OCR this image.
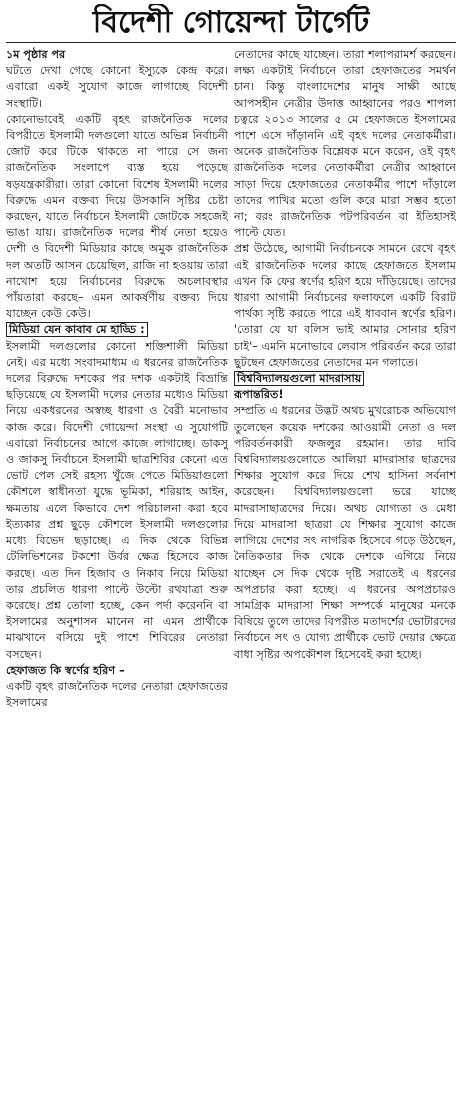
বিদেশী গোয়েন্দা টার্গেট

১ম পৃষ্ঠার পর

ঘটতে দেখা গেছে কোনো ইস্যুকে কেন্দ্র করে। এবারো একই সুযোগ কাজে লাগাচ্ছে বিদেশী সংস্থাটি।

কোনোভাবেই একটি বৃহৎ রাজনৈতিক দলের বিপরীতে ইসলামী দলগুলো যাতে অভিন্ন নির্বাচনী জোট করে টিকে থাকতে না পারে সে জন্য রাজনৈতিক সংলাপে ব্যস্ত হয়ে পড়েছে ষড়যন্ত্রকারীরা। তারা কোনো বিশেষ ইসলামী দলের বিরুদ্ধে এমন বক্তব্য দিয়ে উসকানি সৃষ্টির চেষ্টা করছেন, যাতে নির্বাচনে ইসলামী জোটকে সহজেই ভাঙা যায়। রাজনৈতিক দলের শীর্ষ নেতা হয়েও দেশী ও বিদেশী মিডিয়ার কাছে অমুক রাজনৈতিক দল অতটি আসন চেয়েছিল, রাজি না হওয়ায় তারা নাখোশ হয়ে নির্বাচনের বিরুদ্ধে অচলাবস্থার পাঁয়তারা করছে– এমন আকর্ষণীয় বক্তব্য দিয়ে যাচ্ছেন কেউ কেউ।

মিডিয়া যেন কাবাব মে হাড্ডি :

ইসলামী দলগুলোর কোনো শক্তিশালী মিডিয়া নেই। এর মধ্যে সংবাদমাধ্যম এ ধরনের রাজনৈতিক দলের বিরুদ্ধে দশকের পর দশক একটাই বিভ্রান্তি ছড়িয়েছে যে ইসলামী দলের নেতার মধ্যেও মিডিয়া নিয়ে একধরনের অস্বচ্ছ ধারণা ও বৈরী মনোভাব কাজ করে। বিদেশী গোয়েন্দা সংস্থা এ সুযোগটি এবারো নির্বাচনের আগে কাজে লাগাচ্ছে। ডাকসু ও জাকসু নির্বাচনে ইসলামী ছাত্রশিবির কেনো এত ভোট পেল সেই রহস্য খুঁজে পেতে মিডিয়াগুলো কৌশলে স্বাধীনতা যুদ্ধে ভূমিকা, শরিয়াহ আইন, ক্ষমতায় এলে কিভাবে দেশ পরিচালনা করা হবে ইত্যকার প্রশ্ন ছুড়ে কৌশলে ইসলামী দলগুলোর মধ্যে বিভেদ ছড়াচ্ছে। এ দিক থেকে বিভিন্ন টেলিভিশনের টকশো উর্বর ক্ষেত্র হিসেবে কাজ করছে। এত দিন হিজাব ও নিকাব নিয়ে মিডিয়া তার প্রচলিত ধারণা পাল্টে উল্টো রথযাত্রা শুরু করেছে। প্রশ্ন তোলা হচ্ছে, কেন পর্দা করেননি বা ইসলামের অনুশাসন মানেন না এমন প্রার্থীকে মাঝখানে বসিয়ে দুই পাশে শিবিরের নেতারা বসছেন।

হেফাজত কি স্বর্ণের হরিণ –

একটি বৃহৎ রাজনৈতিক দলের নেতারা হেফাজতের ইসলামের

নেতাদের কাছে যাচ্ছেন। তারা শলাপরামর্শ করছেন। লক্ষ্য একটাই নির্বাচনে তারা হেফাজতের সমর্থন চান। কিন্তু বাংলাদেশের মানুষ সাক্ষী আছে আপসহীন নেত্রীর উদাত্ত আহ্বানের পরও শাপলা চত্বরে ২০১৩ সালের ৫ মে হেফাজতে ইসলামের পাশে এসে দাঁড়াননি এই বৃহৎ দলের নেতাকর্মীরা। অনেক রাজনৈতিক বিশ্লেষক মনে করেন, ওই বৃহৎ রাজনৈতিক দলের নেতাকর্মীরা নেত্রীর আহ্বানে সাড়া দিয়ে হেফাজতের নেতাকর্মীর পাশে দাঁড়ালে তাদের পাখির মতো গুলি করে মারা সম্ভব হতো না; বরং রাজনৈতিক পটপরিবর্তন বা ইতিহাসই পাল্টে যেত।

প্রশ্ন উঠেছে, আগামী নির্বাচনকে সামনে রেখে বৃহৎ এই রাজনৈতিক দলের কাছে হেফাজতে ইসলাম এখন কি ফের স্বর্ণের হরিণ হয়ে দাঁড়িয়েছে। তাদের ধারণা আগামী নির্বাচনের ফলাফলে একটি বিরাট পার্থক্য সৃষ্টি করতে পারে এই ধাববান স্বর্ণের হরিণ। 'তোরা যে যা বলিস ভাই আমার সোনার হরিণ চাই'– এমনি মনোভাবে লেবাস পরিবর্তন করে তারা ছুটছেন হেফাজতের নেতাদের মন গলাতে।

বিশ্ববিদ্যালয়গুলো মাদরাসায়

রূপান্তরিত!

সম্প্রতি এ ধরনের উদ্ভট অথচ মুখরোচক অভিযোগ তুলেছেন কয়েক দশকের আওয়ামী নেতা ও দল পরিবর্তনকারী ফজলুর রহমান। তার দাবি বিশ্ববিদ্যালয়গুলোতে আলিয়া মাদরাসার ছাত্রদের শিক্ষার সুযোগ করে দিয়ে শেখ হাসিনা সর্বনাশ করেছেন। বিশ্ববিদ্যালয়গুলো ভরে যাচ্ছে মাদরাসাছাত্রদের দিয়ে। অথচ যোগ্যতা ও মেধা দিয়ে মাদরাসা ছাত্ররা যে শিক্ষার সুযোগ কাজে লাগিয়ে দেশের সৎ নাগরিক হিসেবে গড়ে উঠছেন, নৈতিকতার দিক থেকে দেশকে এগিয়ে নিয়ে যাচ্ছেন সে দিক থেকে দৃষ্টি সরাতেই এ ধরনের অপপ্রচার করা হচ্ছে। এ ধরনের অপপ্রচারও সামগ্রিক মাদরাসা শিক্ষা সম্পর্কে মানুষের মনকে বিষিয়ে তুলে তাদের বিপরীত মতাদর্শের ভোটারদের নির্বাচনে সৎ ও যোগ্য প্রার্থীকে ভোট দেয়ার ক্ষেত্রে বাধা সৃষ্টির অপকৌশল হিসেবেই করা হচ্ছে।
